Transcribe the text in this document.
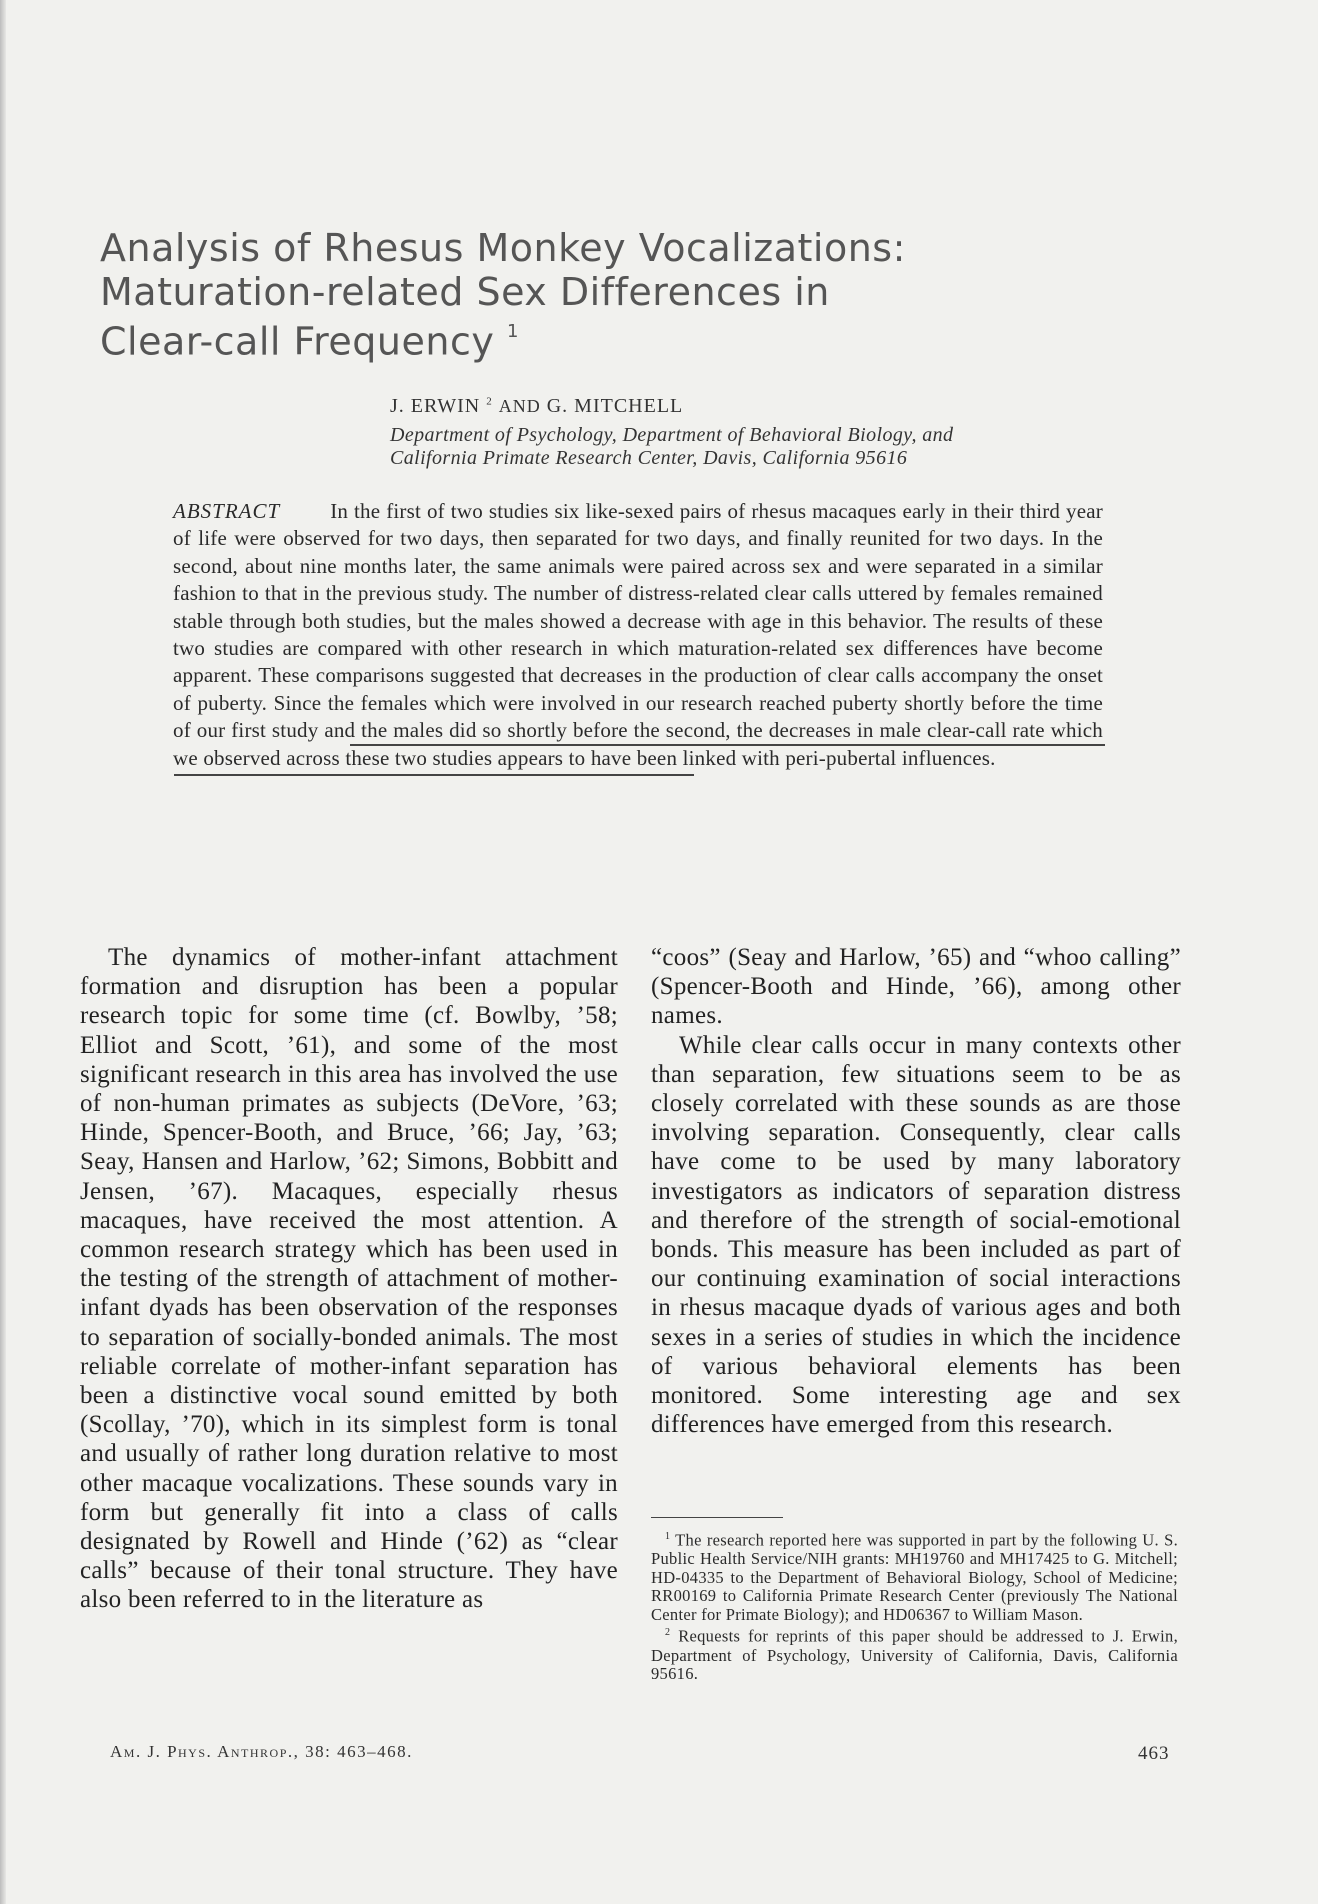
Analysis of Rhesus Monkey Vocalizations:
Maturation-related Sex Differences in
Clear-call Frequency $^1$
J. ERWIN $^2$ AND G. MITCHELL
Department of Psychology, Department of Behavioral Biology, and
California Primate Research Center, Davis, California 95616
ABSTRACT In the first of two studies six like-sexed pairs of rhesus macaques early in their third year of life were observed for two days, then separated for two days, and finally reunited for two days. In the second, about nine months later, the same animals were paired across sex and were separated in a similar fashion to that in the previous study. The number of distress-related clear calls uttered by females remained stable through both studies, but the males showed a decrease with age in this behavior. The results of these two studies are compared with other research in which maturation-related sex differences have become apparent. These comparisons suggested that decreases in the production of clear calls accompany the onset of puberty. Since the females which were involved in our research reached puberty shortly before the time of our first study and the males did so shortly before the second, the decreases in male clear-call rate which we observed across these two studies appears to have been linked with peri-pubertal influences.

The dynamics of mother-infant attachment formation and disruption has been a popular research topic for some time (cf. Bowlby, ’58; Elliot and Scott, ’61), and some of the most significant research in this area has involved the use of non-human primates as subjects (DeVore, ’63; Hinde, Spencer-Booth, and Bruce, ’66; Jay, ’63; Seay, Hansen and Harlow, ’62; Simons, Bobbitt and Jensen, ’67). Macaques, especially rhesus macaques, have received the most attention. A common research strategy which has been used in the testing of the strength of attachment of mother-infant dyads has been observation of the responses to separation of socially-bonded animals. The most reliable correlate of mother-infant separation has been a distinctive vocal sound emitted by both (Scollay, ’70), which in its simplest form is tonal and usually of rather long duration relative to most other macaque vocalizations. These sounds vary in form but generally fit into a class of calls designated by Rowell and Hinde (’62) as “clear calls” because of their tonal structure. They have also been referred to in the literature as

“coos” (Seay and Harlow, ’65) and “whoo calling” (Spencer-Booth and Hinde, ’66), among other names.

While clear calls occur in many contexts other than separation, few situations seem to be as closely correlated with these sounds as are those involving separation. Consequently, clear calls have come to be used by many laboratory investigators as indicators of separation distress and therefore of the strength of social-emotional bonds. This measure has been included as part of our continuing examination of social interactions in rhesus macaque dyads of various ages and both sexes in a series of studies in which the incidence of various behavioral elements has been monitored. Some interesting age and sex differences have emerged from this research.

$^1$ The research reported here was supported in part by the following U. S. Public Health Service/NIH grants: MH19760 and MH17425 to G. Mitchell; HD-04335 to the Department of Behavioral Biology, School of Medicine; RR00169 to California Primate Research Center (previously The National Center for Primate Biology); and HD06367 to William Mason.

$^2$ Requests for reprints of this paper should be addressed to J. Erwin, Department of Psychology, University of California, Davis, California 95616.

Am. J. Phys. Anthrop., 38: 463–468.	463
